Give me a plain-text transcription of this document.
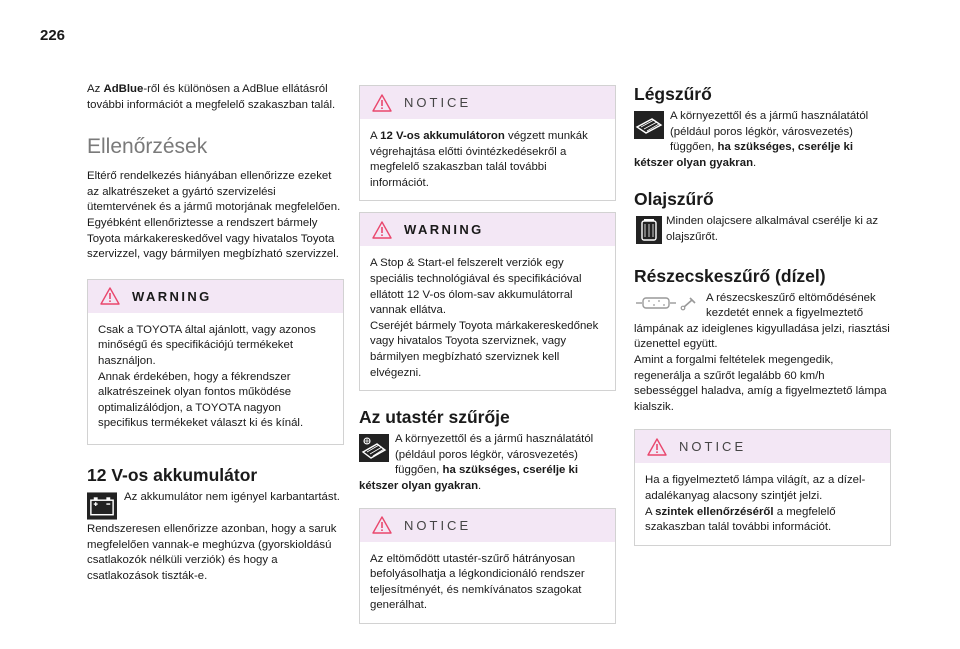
226

Az AdBlue-ről és különösen a AdBlue ellátásról további információt a megfelelő szakaszban talál.

Ellenőrzések

Eltérő rendelkezés hiányában ellenőrizze ezeket az alkatrészeket a gyártó szervizelési ütemtervének és a jármű motorjának megfelelően.
Egyébként ellenőriztesse a rendszert bármely Toyota márkakereskedővel vagy hivatalos Toyota szervizzel, vagy bármilyen megbízható szervizzel.

WARNING
Csak a TOYOTA által ajánlott, vagy azonos minőségű és specifikációjú termékeket használjon.
Annak érdekében, hogy a fékrendszer alkatrészeinek olyan fontos működése optimalizálódjon, a TOYOTA nagyon specifikus termékeket választ ki és kínál.
12 V-os akkumulátor

Az akkumulátor nem igényel karbantartást.

Rendszeresen ellenőrizze azonban, hogy a saruk megfelelően vannak-e meghúzva (gyorskioldású csatlakozók nélküli verziók) és hogy a csatlakozások tiszták-e.

NOTICE
A 12 V-os akkumulátoron végzett munkák végrehajtása előtti óvintézkedésekről a megfelelő szakaszban talál további információt.
WARNING
A Stop & Start-el felszerelt verziók egy speciális technológiával és specifikációval ellátott 12 V-os ólom-sav akkumulátorral vannak ellátva.
Cseréjét bármely Toyota márkakereskedőnek vagy hivatalos Toyota szerviznek, vagy bármilyen megbízható szerviznek kell elvégezni.
Az utastér szűrője

A környezettől és a jármű használatától (például poros légkör, városvezetés) függően, ha szükséges, cserélje ki kétszer olyan gyakran.

NOTICE
Az eltömődött utastér-szűrő hátrányosan befolyásolhatja a légkondicionáló rendszer teljesítményét, és nemkívánatos szagokat generálhat.
Légszűrő

A környezettől és a jármű használatától (például poros légkör, városvezetés) függően, ha szükséges, cserélje ki kétszer olyan gyakran.

Olajszűrő

Minden olajcsere alkalmával cserélje ki az olajszűrőt.

Részecskeszűrő (dízel)

A részecskeszűrő eltömődésének kezdetét ennek a figyelmeztető lámpának az ideiglenes kigyulladása jelzi, riasztási üzenettel együtt.
Amint a forgalmi feltételek megengedik, regenerálja a szűrőt legalább 60 km/h sebességgel haladva, amíg a figyelmeztető lámpa kialszik.

NOTICE
Ha a figyelmeztető lámpa világít, az a dízel-adalékanyag alacsony szintjét jelzi.
A szintek ellenőrzéséről a megfelelő szakaszban talál további információt.
